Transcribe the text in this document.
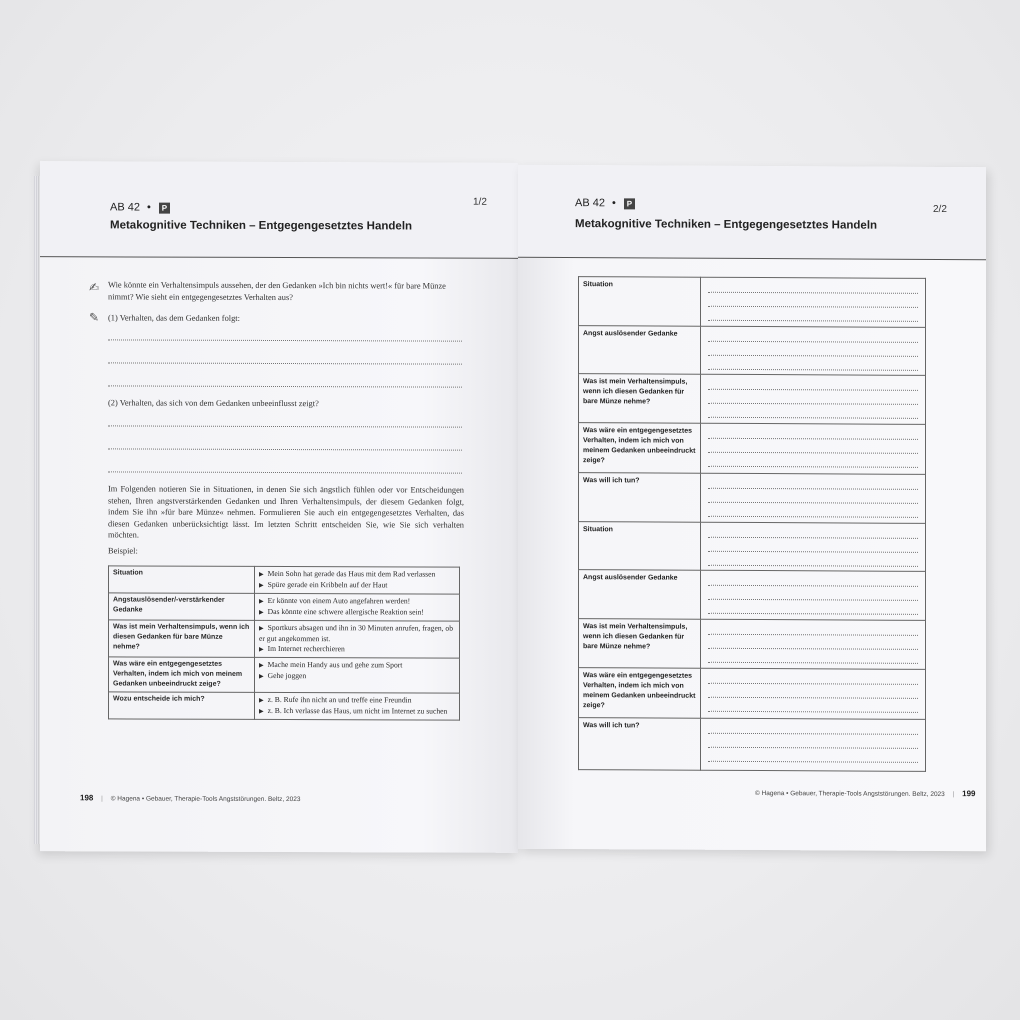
AB 42 • P
1/2
Metakognitive Techniken – Entgegengesetztes Handeln
✍ Wie könnte ein Verhaltensimpuls aussehen, der den Gedanken »Ich bin nichts wert!« für bare Münze nimmt? Wie sieht ein entgegengesetztes Verhalten aus?
✎ (1) Verhalten, das dem Gedanken folgt:
(2) Verhalten, das sich von dem Gedanken unbeeinflusst zeigt?
Im Folgenden notieren Sie in Situationen, in denen Sie sich ängstlich fühlen oder vor Entscheidungen stehen, Ihren angstverstärkenden Gedanken und Ihren Verhaltensimpuls, der diesem Gedanken folgt, indem Sie ihn »für bare Münze« nehmen. Formulieren Sie auch ein entgegengesetztes Verhalten, das diesen Gedanken unberücksichtigt lässt. Im letzten Schritt entscheiden Sie, wie Sie sich verhalten möchten.
Beispiel:
Situation	▶ Mein Sohn hat gerade das Haus mit dem Rad verlassen
▶ Spüre gerade ein Kribbeln auf der Haut

Angstauslösender/-verstärkender Gedanke	▶ Er könnte von einem Auto angefahren werden!
▶ Das könnte eine schwere allergische Reaktion sein!

Was ist mein Verhaltensimpuls, wenn ich diesen Gedanken für bare Münze nehme?	▶ Sportkurs absagen und ihn in 30 Minuten anrufen, fragen, ob er gut angekommen ist.
▶ Im Internet recherchieren

Was wäre ein entgegengesetztes Verhalten, indem ich mich von meinem Gedanken unbeeindruckt zeige?	▶ Mache mein Handy aus und gehe zum Sport
▶ Gehe joggen

Wozu entscheide ich mich?	▶ z. B. Rufe ihn nicht an und treffe eine Freundin
▶ z. B. Ich verlasse das Haus, um nicht im Internet zu suchen
198 | © Hagena • Gebauer, Therapie-Tools Angststörungen. Beltz, 2023
AB 42 • P
2/2
Metakognitive Techniken – Entgegengesetztes Handeln
Situation	

Angst auslösender Gedanke	

Was ist mein Verhaltensimpuls, wenn ich diesen Gedanken für bare Münze nehme?	

Was wäre ein entgegengesetztes Verhalten, indem ich mich von meinem Gedanken unbeeindruckt zeige?	

Was will ich tun?	

Situation	

Angst auslösender Gedanke	

Was ist mein Verhaltensimpuls, wenn ich diesen Gedanken für bare Münze nehme?	

Was wäre ein entgegengesetztes Verhalten, indem ich mich von meinem Gedanken unbeeindruckt zeige?	

Was will ich tun?	
© Hagena • Gebauer, Therapie-Tools Angststörungen. Beltz, 2023 | 199
